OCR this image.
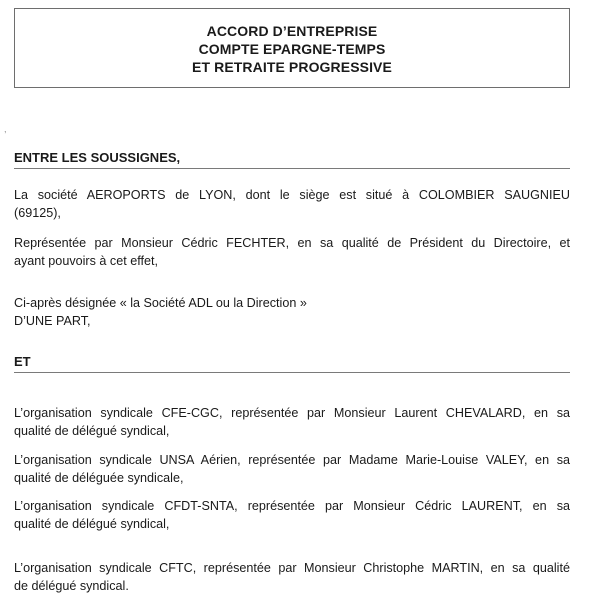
ACCORD D’ENTREPRISE
COMPTE EPARGNE-TEMPS
ET RETRAITE PROGRESSIVE
,
ENTRE LES SOUSSIGNES,
La société AEROPORTS de LYON, dont le siège est situé à COLOMBIER SAUGNIEU
(69125),
Représentée par Monsieur Cédric FECHTER, en sa qualité de Président du Directoire, et
ayant pouvoirs à cet effet,
Ci-après désignée « la Société ADL ou la Direction »
D’UNE PART,
ET
L’organisation syndicale CFE-CGC, représentée par Monsieur Laurent CHEVALARD, en sa
qualité de délégué syndical,
L’organisation syndicale UNSA Aérien, représentée par Madame Marie-Louise VALEY, en sa
qualité de déléguée syndicale,
L’organisation syndicale CFDT-SNTA, représentée par Monsieur Cédric LAURENT, en sa
qualité de délégué syndical,
L’organisation syndicale CFTC, représentée par Monsieur Christophe MARTIN, en sa qualité
de délégué syndical.
